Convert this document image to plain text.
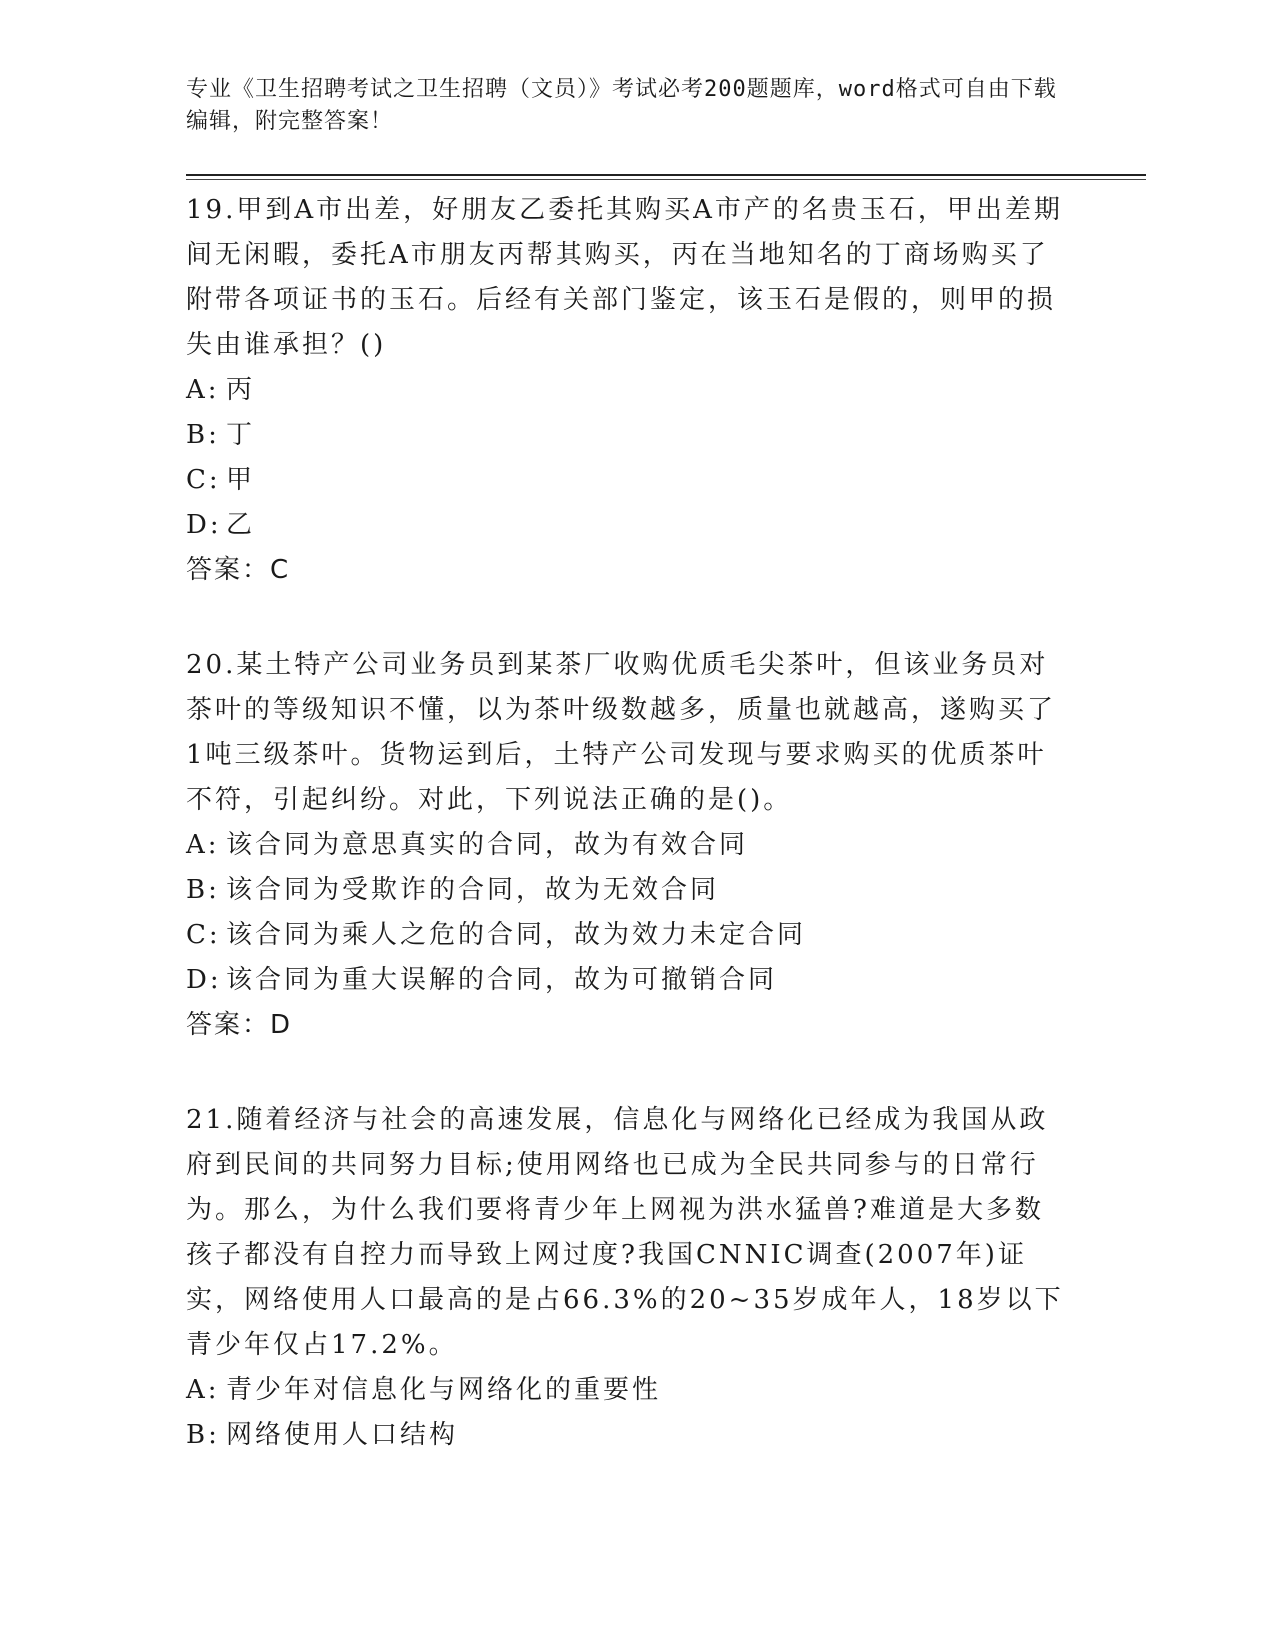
专业《卫生招聘考试之卫生招聘（文员）》考试必考200题题库，word格式可自由下载编辑，附完整答案！

19.甲到A市出差，好朋友乙委托其购买A市产的名贵玉石，甲出差期间无闲暇，委托A市朋友丙帮其购买，丙在当地知名的丁商场购买了附带各项证书的玉石。后经有关部门鉴定，该玉石是假的，则甲的损失由谁承担？()

A: 丙

B: 丁

C: 甲

D: 乙

答案：C

20.某土特产公司业务员到某茶厂收购优质毛尖茶叶，但该业务员对茶叶的等级知识不懂，以为茶叶级数越多，质量也就越高，遂购买了1吨三级茶叶。货物运到后，土特产公司发现与要求购买的优质茶叶不符，引起纠纷。对此，下列说法正确的是()。

A: 该合同为意思真实的合同，故为有效合同

B: 该合同为受欺诈的合同，故为无效合同

C: 该合同为乘人之危的合同，故为效力未定合同

D: 该合同为重大误解的合同，故为可撤销合同

答案：D

21.随着经济与社会的高速发展，信息化与网络化已经成为我国从政府到民间的共同努力目标;使用网络也已成为全民共同参与的日常行为。那么，为什么我们要将青少年上网视为洪水猛兽?难道是大多数孩子都没有自控力而导致上网过度?我国CNNIC调查(2007年)证实，网络使用人口最高的是占66.3%的20~35岁成年人，18岁以下青少年仅占17.2%。

A: 青少年对信息化与网络化的重要性

B: 网络使用人口结构
